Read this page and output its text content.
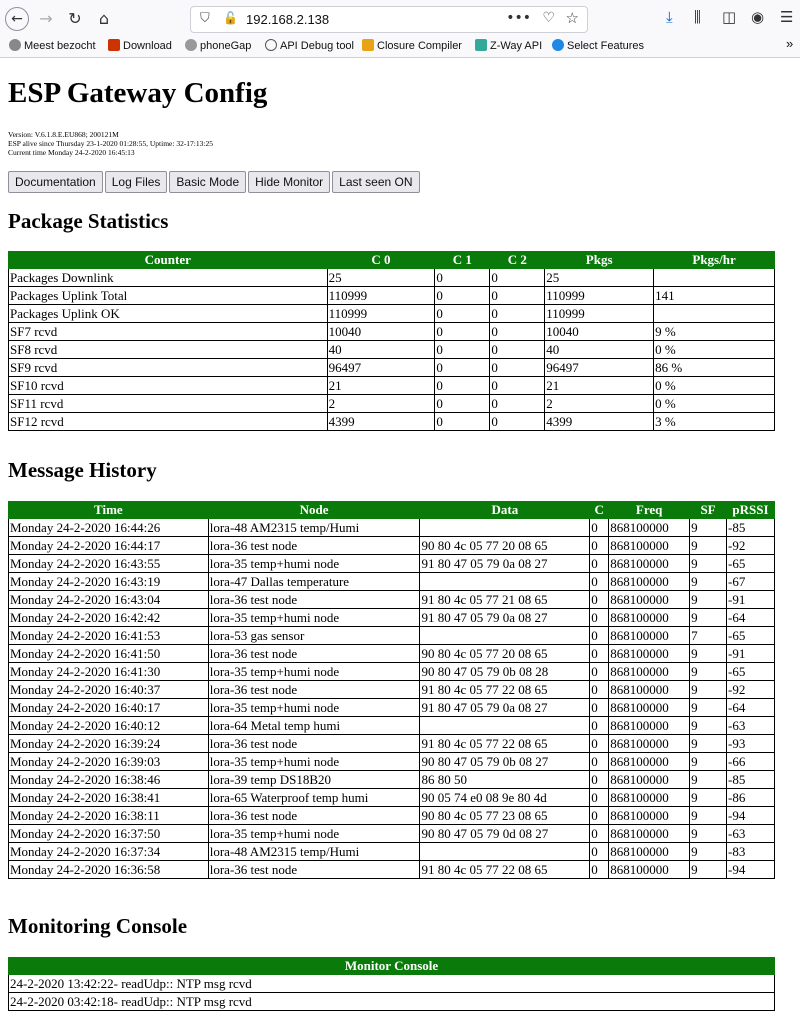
←	→ ↻	⌂	⛉ 🔓 192.168.2.138	••• ♡ ☆	⤓ ⫼ ◫ ◉ ☰
Meest bezocht	Download	phoneGap	API Debug tool	Closure Compiler	Z-Way API	Select Features	»
ESP Gateway Config
Version: V.6.1.8.E.EU868; 200121M
ESP alive since Thursday 23-1-2020 01:28:55, Uptime: 32-17:13:25
Current time Monday 24-2-2020 16:45:13
Documentation	Log Files	Basic Mode	Hide Monitor	Last seen ON
Package Statistics
Counter	C 0	C 1	C 2	Pkgs	Pkgs/hr
Packages Downlink	25	0	0	25	
Packages Uplink Total	110999	0	0	110999	141
Packages Uplink OK	110999	0	0	110999	
SF7 rcvd	10040	0	0	10040	9 %
SF8 rcvd	40	0	0	40	0 %
SF9 rcvd	96497	0	0	96497	86 %
SF10 rcvd	21	0	0	21	0 %
SF11 rcvd	2	0	0	2	0 %
SF12 rcvd	4399	0	0	4399	3 %
Message History
Time	Node	Data	C	Freq	SF	pRSSI
Monday 24-2-2020 16:44:26	lora-48 AM2315 temp/Humi		0	868100000	9	-85
Monday 24-2-2020 16:44:17	lora-36 test node	90 80 4c 05 77 20 08 65	0	868100000	9	-92
Monday 24-2-2020 16:43:55	lora-35 temp+humi node	91 80 47 05 79 0a 08 27	0	868100000	9	-65
Monday 24-2-2020 16:43:19	lora-47 Dallas temperature		0	868100000	9	-67
Monday 24-2-2020 16:43:04	lora-36 test node	91 80 4c 05 77 21 08 65	0	868100000	9	-91
Monday 24-2-2020 16:42:42	lora-35 temp+humi node	91 80 47 05 79 0a 08 27	0	868100000	9	-64
Monday 24-2-2020 16:41:53	lora-53 gas sensor		0	868100000	7	-65
Monday 24-2-2020 16:41:50	lora-36 test node	90 80 4c 05 77 20 08 65	0	868100000	9	-91
Monday 24-2-2020 16:41:30	lora-35 temp+humi node	90 80 47 05 79 0b 08 28	0	868100000	9	-65
Monday 24-2-2020 16:40:37	lora-36 test node	91 80 4c 05 77 22 08 65	0	868100000	9	-92
Monday 24-2-2020 16:40:17	lora-35 temp+humi node	91 80 47 05 79 0a 08 27	0	868100000	9	-64
Monday 24-2-2020 16:40:12	lora-64 Metal temp humi		0	868100000	9	-63
Monday 24-2-2020 16:39:24	lora-36 test node	91 80 4c 05 77 22 08 65	0	868100000	9	-93
Monday 24-2-2020 16:39:03	lora-35 temp+humi node	90 80 47 05 79 0b 08 27	0	868100000	9	-66
Monday 24-2-2020 16:38:46	lora-39 temp DS18B20	86 80 50	0	868100000	9	-85
Monday 24-2-2020 16:38:41	lora-65 Waterproof temp humi	90 05 74 e0 08 9e 80 4d	0	868100000	9	-86
Monday 24-2-2020 16:38:11	lora-36 test node	90 80 4c 05 77 23 08 65	0	868100000	9	-94
Monday 24-2-2020 16:37:50	lora-35 temp+humi node	90 80 47 05 79 0d 08 27	0	868100000	9	-63
Monday 24-2-2020 16:37:34	lora-48 AM2315 temp/Humi		0	868100000	9	-83
Monday 24-2-2020 16:36:58	lora-36 test node	91 80 4c 05 77 22 08 65	0	868100000	9	-94
Monitoring Console
Monitor Console
24-2-2020 13:42:22- readUdp:: NTP msg rcvd
24-2-2020 03:42:18- readUdp:: NTP msg rcvd
